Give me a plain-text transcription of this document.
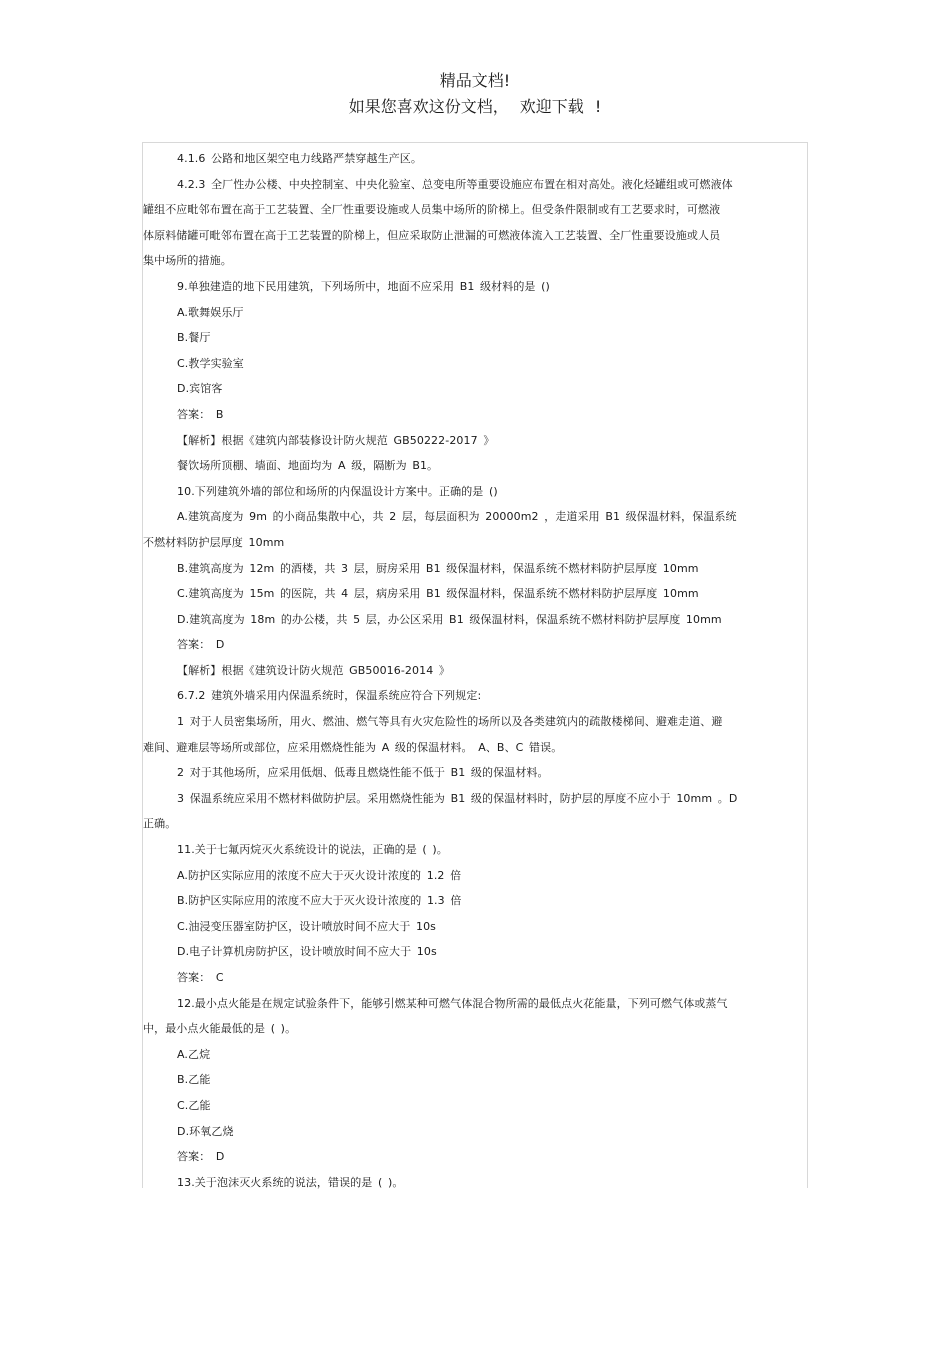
精品文档!
如果您喜欢这份文档， 欢迎下载 !
4.1.6 公路和地区架空电力线路严禁穿越生产区。
4.2.3 全厂性办公楼、中央控制室、中央化验室、总变电所等重要设施应布置在相对高处。液化烃罐组或可燃液体
罐组不应毗邻布置在高于工艺装置、全厂性重要设施或人员集中场所的阶梯上。但受条件限制或有工艺要求时，可燃液
体原料储罐可毗邻布置在高于工艺装置的阶梯上，但应采取防止泄漏的可燃液体流入工艺装置、全厂性重要设施或人员
集中场所的措施。
9.单独建造的地下民用建筑，下列场所中，地面不应采用 B1 级材料的是 ()
A.歌舞娱乐厅
B.餐厅
C.教学实验室
D.宾馆客
答案： B
【解析】根据《建筑内部装修设计防火规范 GB50222-2017 》
餐饮场所顶棚、墙面、地面均为 A 级，隔断为 B1。
10.下列建筑外墙的部位和场所的内保温设计方案中。正确的是 ()
A.建筑高度为 9m 的小商品集散中心，共 2 层，每层面积为 20000m2 ，走道采用 B1 级保温材料，保温系统
不燃材料防护层厚度 10mm
B.建筑高度为 12m 的酒楼，共 3 层，厨房采用 B1 级保温材料，保温系统不燃材料防护层厚度 10mm
C.建筑高度为 15m 的医院，共 4 层，病房采用 B1 级保温材料，保温系统不燃材料防护层厚度 10mm
D.建筑高度为 18m 的办公楼，共 5 层，办公区采用 B1 级保温材料，保温系统不燃材料防护层厚度 10mm
答案： D
【解析】根据《建筑设计防火规范 GB50016-2014 》
6.7.2 建筑外墙采用内保温系统时，保温系统应符合下列规定:
1 对于人员密集场所，用火、燃油、燃气等具有火灾危险性的场所以及各类建筑内的疏散楼梯间、避难走道、避
难间、避难层等场所或部位，应采用燃烧性能为 A 级的保温材料。 A、B、C 错误。
2 对于其他场所，应采用低烟、低毒且燃烧性能不低于 B1 级的保温材料。
3 保温系统应采用不燃材料做防护层。采用燃烧性能为 B1 级的保温材料时，防护层的厚度不应小于 10mm 。D
正确。
11.关于七氟丙烷灭火系统设计的说法，正确的是 ( )。
A.防护区实际应用的浓度不应大于灭火设计浓度的 1.2 倍
B.防护区实际应用的浓度不应大于灭火设计浓度的 1.3 倍
C.油浸变压器室防护区，设计喷放时间不应大于 10s
D.电子计算机房防护区，设计喷放时间不应大于 10s
答案： C
12.最小点火能是在规定试验条件下，能够引燃某种可燃气体混合物所需的最低点火花能量，下列可燃气体或蒸气
中，最小点火能最低的是 ( )。
A.乙烷
B.乙能
C.乙能
D.环氧乙烧
答案： D
13.关于泡沫灭火系统的说法，错误的是 ( )。
